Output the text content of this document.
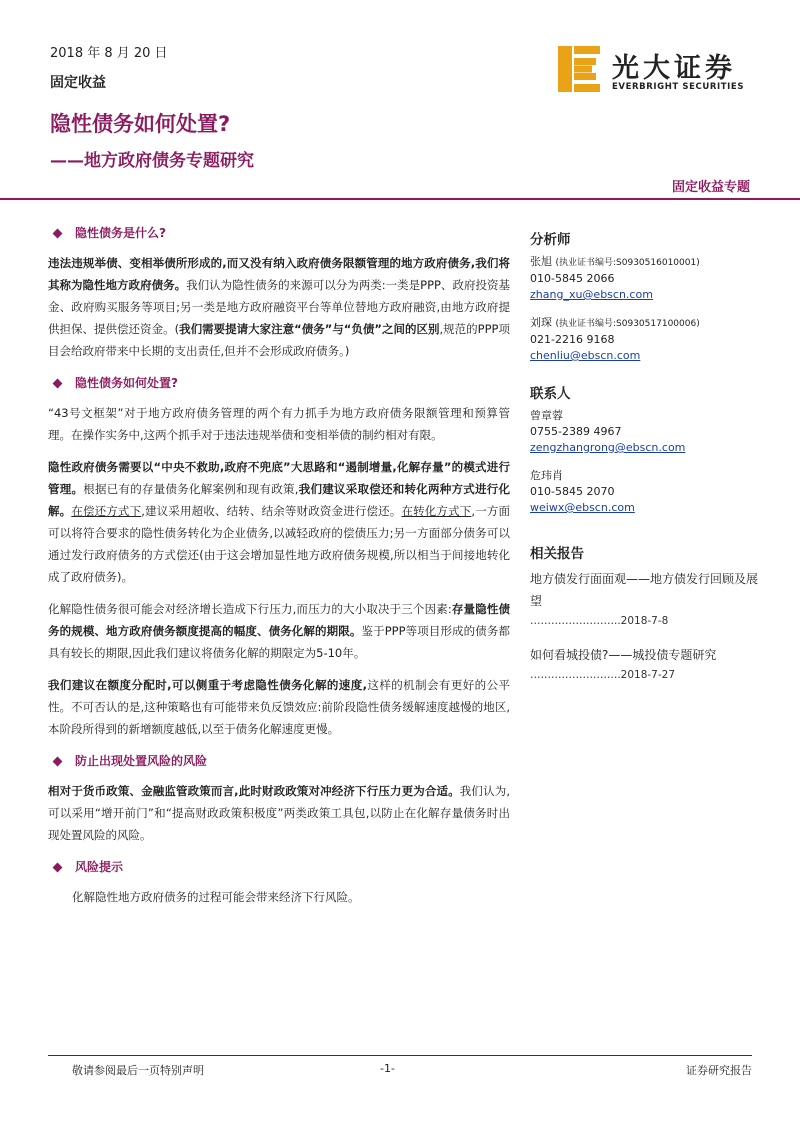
2018 年 8 月 20 日
固定收益
隐性债务如何处置?
——地方政府债务专题研究
固定收益专题
光大证券
EVERBRIGHT SECURITIES
隐性债务是什么?

违法违规举债、变相举债所形成的,而又没有纳入政府债务限额管理的地方政府债务,我们将其称为隐性地方政府债务。我们认为隐性债务的来源可以分为两类:一类是PPP、政府投资基金、政府购买服务等项目;另一类是地方政府融资平台等单位替地方政府融资,由地方政府提供担保、提供偿还资金。(我们需要提请大家注意“债务”与“负债”之间的区别,规范的PPP项目会给政府带来中长期的支出责任,但并不会形成政府债务。)

隐性债务如何处置?

“43号文框架”对于地方政府债务管理的两个有力抓手为地方政府债务限额管理和预算管理。在操作实务中,这两个抓手对于违法违规举债和变相举债的制约相对有限。

隐性政府债务需要以“中央不救助,政府不兜底”大思路和“遏制增量,化解存量”的模式进行管理。根据已有的存量债务化解案例和现有政策,我们建议采取偿还和转化两种方式进行化解。在偿还方式下,建议采用超收、结转、结余等财政资金进行偿还。在转化方式下,一方面可以将符合要求的隐性债务转化为企业债务,以减轻政府的偿债压力;另一方面部分债务可以通过发行政府债务的方式偿还(由于这会增加显性地方政府债务规模,所以相当于间接地转化成了政府债务)。

化解隐性债务很可能会对经济增长造成下行压力,而压力的大小取决于三个因素:存量隐性债务的规模、地方政府债务额度提高的幅度、债务化解的期限。鉴于PPP等项目形成的债务都具有较长的期限,因此我们建议将债务化解的期限定为5-10年。

我们建议在额度分配时,可以侧重于考虑隐性债务化解的速度,这样的机制会有更好的公平性。不可否认的是,这种策略也有可能带来负反馈效应:前阶段隐性债务缓解速度越慢的地区,本阶段所得到的新增额度越低,以至于债务化解速度更慢。

防止出现处置风险的风险

相对于货币政策、金融监管政策而言,此时财政政策对冲经济下行压力更为合适。我们认为,可以采用“增开前门”和“提高财政政策积极度”两类政策工具包,以防止在化解存量债务时出现处置风险的风险。

风险提示

化解隐性地方政府债务的过程可能会带来经济下行风险。

分析师
张旭 (执业证书编号:S0930516010001)
010-5845 2066
zhang_xu@ebscn.com
刘琛 (执业证书编号:S0930517100006)
021-2216 9168
chenliu@ebscn.com
联系人
曾章蓉
0755-2389 4967
zengzhangrong@ebscn.com
危玮肖
010-5845 2070
weiwx@ebscn.com
相关报告
地方债发行面面观——地方债发行回顾及展望
……………………..2018-7-8
如何看城投债?——城投债专题研究
……………….…….2018-7-27
敬请参阅最后一页特别声明	-1-	证券研究报告
